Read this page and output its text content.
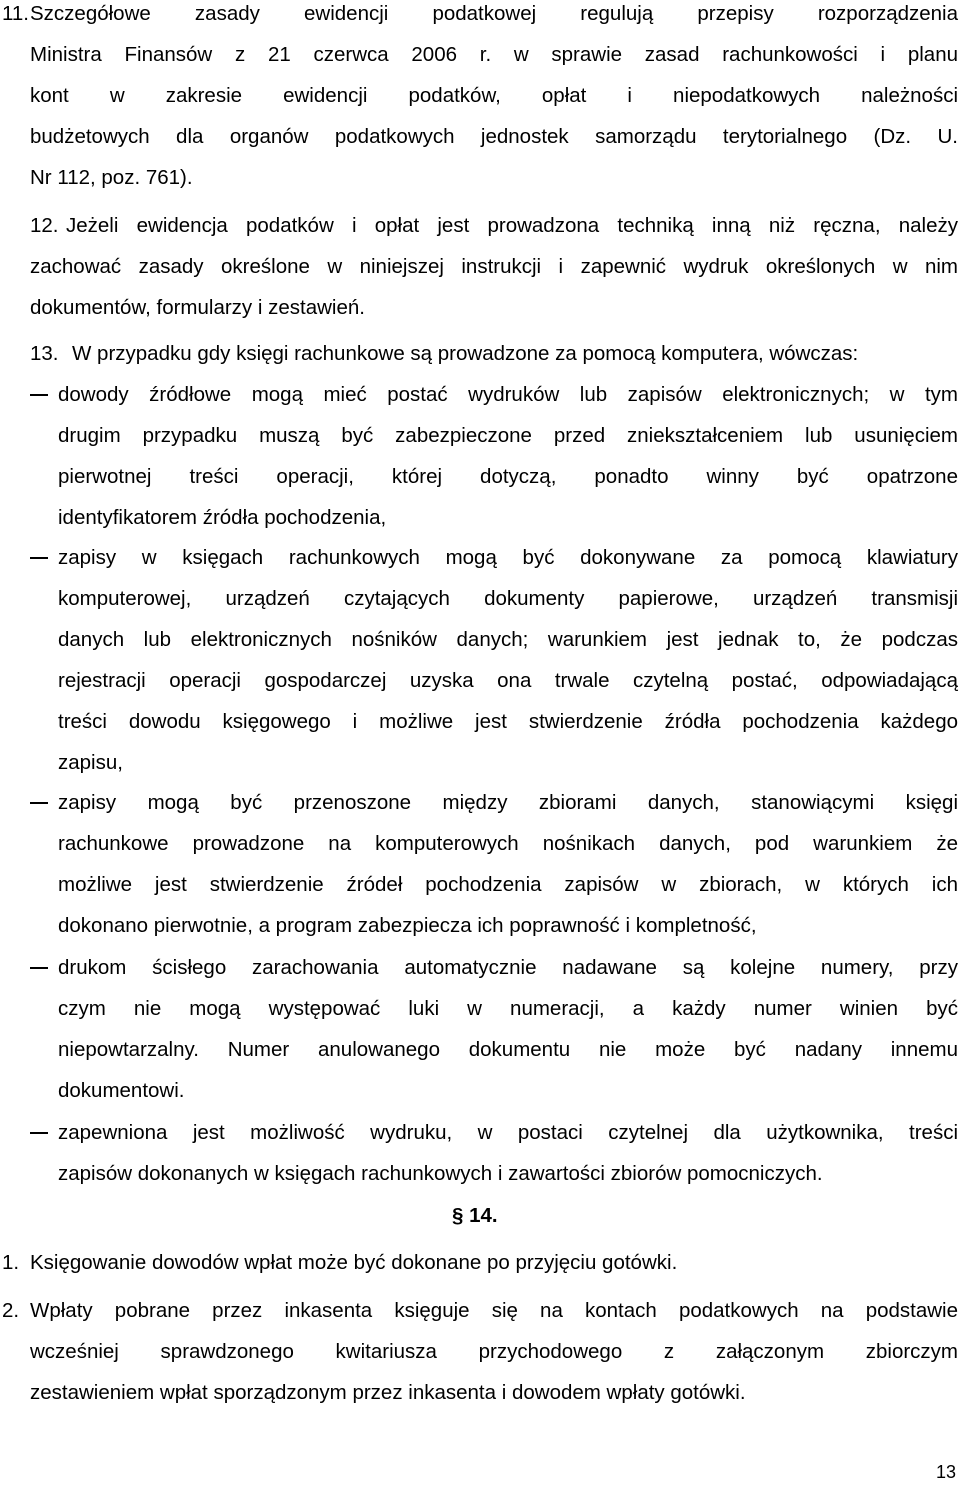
11. Szczegółowe zasady ewidencji podatkowej regulują przepisy rozporządzenia
Ministra Finansów z 21 czerwca 2006 r. w sprawie zasad rachunkowości i planu
kont w zakresie ewidencji podatków, opłat i niepodatkowych należności
budżetowych dla organów podatkowych jednostek samorządu terytorialnego (Dz. U.
Nr 112, poz. 761).
12. Jeżeli ewidencja podatków i opłat jest prowadzona techniką inną niż ręczna, należy
zachować zasady określone w niniejszej instrukcji i zapewnić wydruk określonych w nim
dokumentów, formularzy i zestawień.
13. W przypadku gdy księgi rachunkowe są prowadzone za pomocą komputera, wówczas:
dowody źródłowe mogą mieć postać wydruków lub zapisów elektronicznych; w tym
drugim przypadku muszą być zabezpieczone przed zniekształceniem lub usunięciem
pierwotnej treści operacji, której dotyczą, ponadto winny być opatrzone
identyfikatorem źródła pochodzenia,
zapisy w księgach rachunkowych mogą być dokonywane za pomocą klawiatury
komputerowej, urządzeń czytających dokumenty papierowe, urządzeń transmisji
danych lub elektronicznych nośników danych; warunkiem jest jednak to, że podczas
rejestracji operacji gospodarczej uzyska ona trwale czytelną postać, odpowiadającą
treści dowodu księgowego i możliwe jest stwierdzenie źródła pochodzenia każdego
zapisu,
zapisy mogą być przenoszone między zbiorami danych, stanowiącymi księgi
rachunkowe prowadzone na komputerowych nośnikach danych, pod warunkiem że
możliwe jest stwierdzenie źródeł pochodzenia zapisów w zbiorach, w których ich
dokonano pierwotnie, a program zabezpiecza ich poprawność i kompletność,
drukom ścisłego zarachowania automatycznie nadawane są kolejne numery, przy
czym nie mogą występować luki w numeracji, a każdy numer winien być
niepowtarzalny. Numer anulowanego dokumentu nie może być nadany innemu
dokumentowi.
zapewniona jest możliwość wydruku, w postaci czytelnej dla użytkownika, treści
zapisów dokonanych w księgach rachunkowych i zawartości zbiorów pomocniczych.
§ 14.
1. Księgowanie dowodów wpłat może być dokonane po przyjęciu gotówki.
2. Wpłaty pobrane przez inkasenta księguje się na kontach podatkowych na podstawie
wcześniej sprawdzonego kwitariusza przychodowego z załączonym zbiorczym
zestawieniem wpłat sporządzonym przez inkasenta i dowodem wpłaty gotówki.
13
